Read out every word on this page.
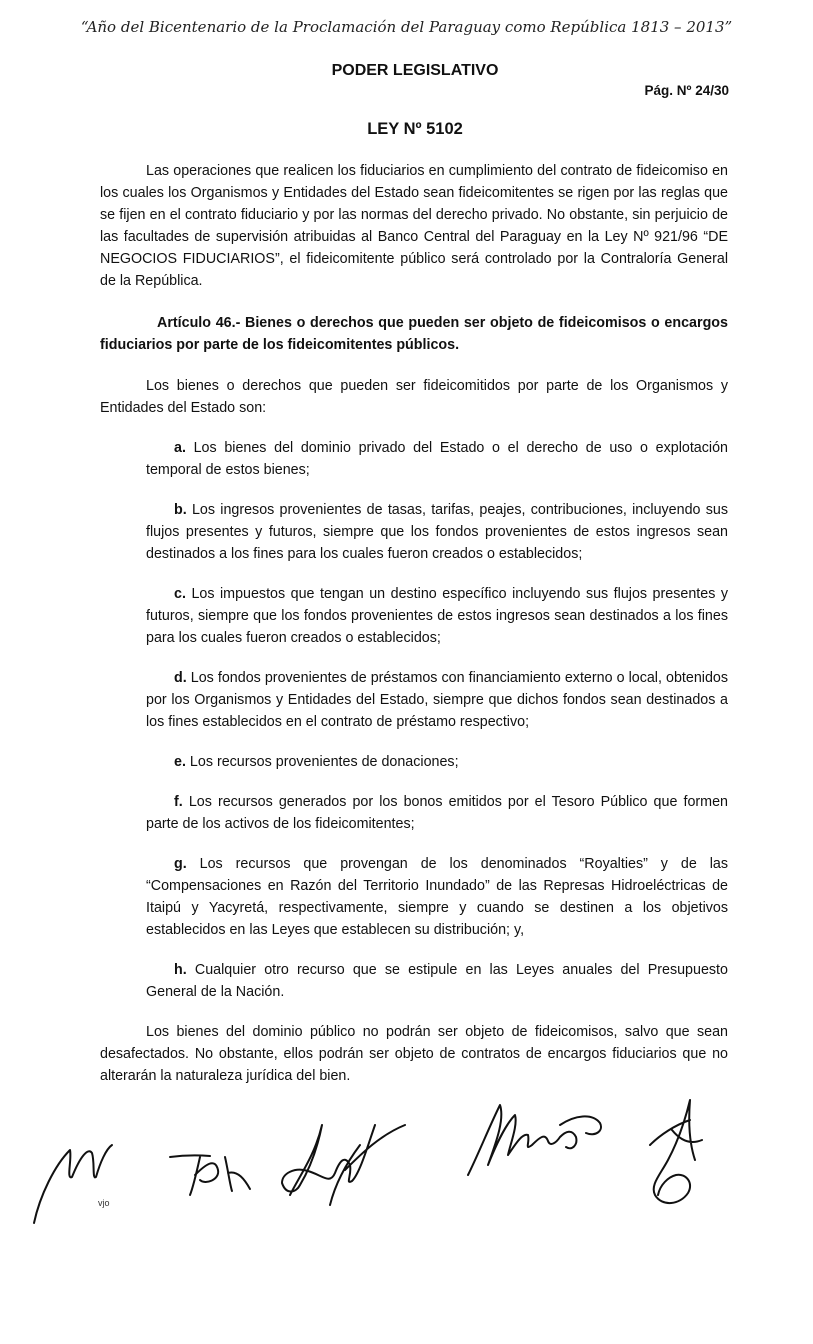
“Año del Bicentenario de la Proclamación del Paraguay como República 1813 – 2013”
PODER LEGISLATIVO
Pág. Nº 24/30
LEY Nº 5102

Las operaciones que realicen los fiduciarios en cumplimiento del contrato de fideicomiso en los cuales los Organismos y Entidades del Estado sean fideicomitentes se rigen por las reglas que se fijen en el contrato fiduciario y por las normas del derecho privado. No obstante, sin perjuicio de las facultades de supervisión atribuidas al Banco Central del Paraguay en la Ley Nº 921/96 “DE NEGOCIOS FIDUCIARIOS”, el fideicomitente público será controlado por la Contraloría General de la República.

Artículo 46.- Bienes o derechos que pueden ser objeto de fideicomisos o encargos fiduciarios por parte de los fideicomitentes públicos.

Los bienes o derechos que pueden ser fideicomitidos por parte de los Organismos y Entidades del Estado son:

a. Los bienes del dominio privado del Estado o el derecho de uso o explotación temporal de estos bienes;

b. Los ingresos provenientes de tasas, tarifas, peajes, contribuciones, incluyendo sus flujos presentes y futuros, siempre que los fondos provenientes de estos ingresos sean destinados a los fines para los cuales fueron creados o establecidos;

c. Los impuestos que tengan un destino específico incluyendo sus flujos presentes y futuros, siempre que los fondos provenientes de estos ingresos sean destinados a los fines para los cuales fueron creados o establecidos;

d. Los fondos provenientes de préstamos con financiamiento externo o local, obtenidos por los Organismos y Entidades del Estado, siempre que dichos fondos sean destinados a los fines establecidos en el contrato de préstamo respectivo;

e. Los recursos provenientes de donaciones;

f. Los recursos generados por los bonos emitidos por el Tesoro Público que formen parte de los activos de los fideicomitentes;

g. Los recursos que provengan de los denominados “Royalties” y de las “Compensaciones en Razón del Territorio Inundado” de las Represas Hidroeléctricas de Itaipú y Yacyretá, respectivamente, siempre y cuando se destinen a los objetivos establecidos en las Leyes que establecen su distribución; y,

h. Cualquier otro recurso que se estipule en las Leyes anuales del Presupuesto General de la Nación.

Los bienes del dominio público no podrán ser objeto de fideicomisos, salvo que sean desafectados. No obstante, ellos podrán ser objeto de contratos de encargos fiduciarios que no alterarán la naturaleza jurídica del bien.

vjo
